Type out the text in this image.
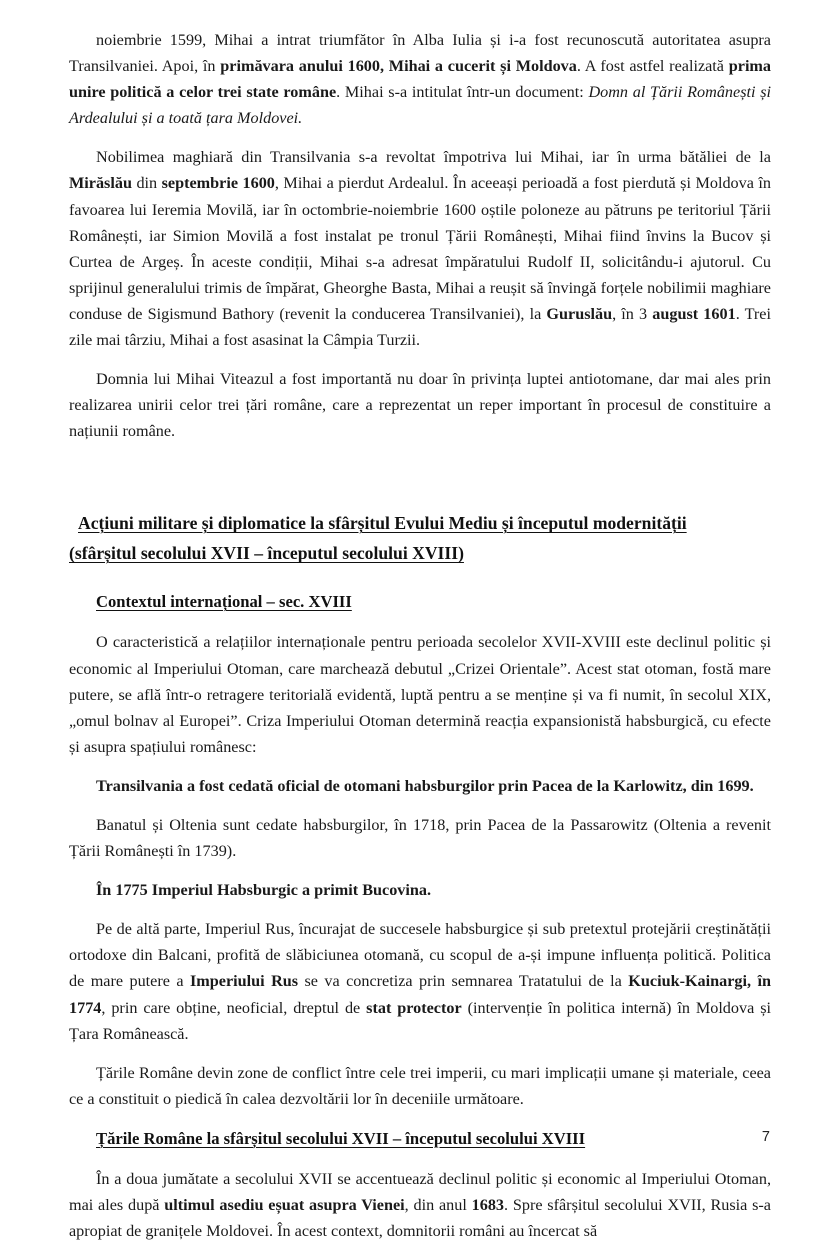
noiembrie 1599, Mihai a intrat triumfător în Alba Iulia și i-a fost recunoscută autoritatea asupra Transilvaniei. Apoi, în primăvara anului 1600, Mihai a cucerit și Moldova. A fost astfel realizată prima unire politică a celor trei state române. Mihai s-a intitulat într-un document: Domn al Țării Românești și Ardealului și a toată țara Moldovei.

Nobilimea maghiară din Transilvania s-a revoltat împotriva lui Mihai, iar în urma bătăliei de la Mirăslău din septembrie 1600, Mihai a pierdut Ardealul. În aceeași perioadă a fost pierdută și Moldova în favoarea lui Ieremia Movilă, iar în octombrie-noiembrie 1600 oștile poloneze au pătruns pe teritoriul Țării Românești, iar Simion Movilă a fost instalat pe tronul Țării Românești, Mihai fiind învins la Bucov și Curtea de Argeș. În aceste condiții, Mihai s-a adresat împăratului Rudolf II, solicitându-i ajutorul. Cu sprijinul generalului trimis de împărat, Gheorghe Basta, Mihai a reușit să învingă forțele nobilimii maghiare conduse de Sigismund Bathory (revenit la conducerea Transilvaniei), la Guruslău, în 3 august 1601. Trei zile mai târziu, Mihai a fost asasinat la Câmpia Turzii.

Domnia lui Mihai Viteazul a fost importantă nu doar în privința luptei antiotomane, dar mai ales prin realizarea unirii celor trei țări române, care a reprezentat un reper important în procesul de constituire a națiunii române.

Acțiuni militare și diplomatice la sfârșitul Evului Mediu și începutul modernității
(sfârșitul secolului XVII – începutul secolului XVIII)
Contextul internațional – sec. XVIII

O caracteristică a relațiilor internaționale pentru perioada secolelor XVII-XVIII este declinul politic și economic al Imperiului Otoman, care marchează debutul „Crizei Orientale”. Acest stat otoman, fostă mare putere, se află într-o retragere teritorială evidentă, luptă pentru a se menține și va fi numit, în secolul XIX, „omul bolnav al Europei”. Criza Imperiului Otoman determină reacția expansionistă habsburgică, cu efecte și asupra spațiului românesc:

Transilvania a fost cedată oficial de otomani habsburgilor prin Pacea de la Karlowitz, din 1699.

Banatul și Oltenia sunt cedate habsburgilor, în 1718, prin Pacea de la Passarowitz (Oltenia a revenit Țării Românești în 1739).

În 1775 Imperiul Habsburgic a primit Bucovina.

Pe de altă parte, Imperiul Rus, încurajat de succesele habsburgice și sub pretextul protejării creștinătății ortodoxe din Balcani, profită de slăbiciunea otomană, cu scopul de a-și impune influența politică. Politica de mare putere a Imperiului Rus se va concretiza prin semnarea Tratatului de la Kuciuk-Kainargi, în 1774, prin care obține, neoficial, dreptul de stat protector (intervenție în politica internă) în Moldova și Țara Românească.

Țările Române devin zone de conflict între cele trei imperii, cu mari implicații umane și materiale, ceea ce a constituit o piedică în calea dezvoltării lor în deceniile următoare.

Țările Române la sfârșitul secolului XVII – începutul secolului XVIII

În a doua jumătate a secolului XVII se accentuează declinul politic și economic al Imperiului Otoman, mai ales după ultimul asediu eșuat asupra Vienei, din anul 1683. Spre sfârșitul secolului XVII, Rusia s-a apropiat de granițele Moldovei. În acest context, domnitorii români au încercat să

7
